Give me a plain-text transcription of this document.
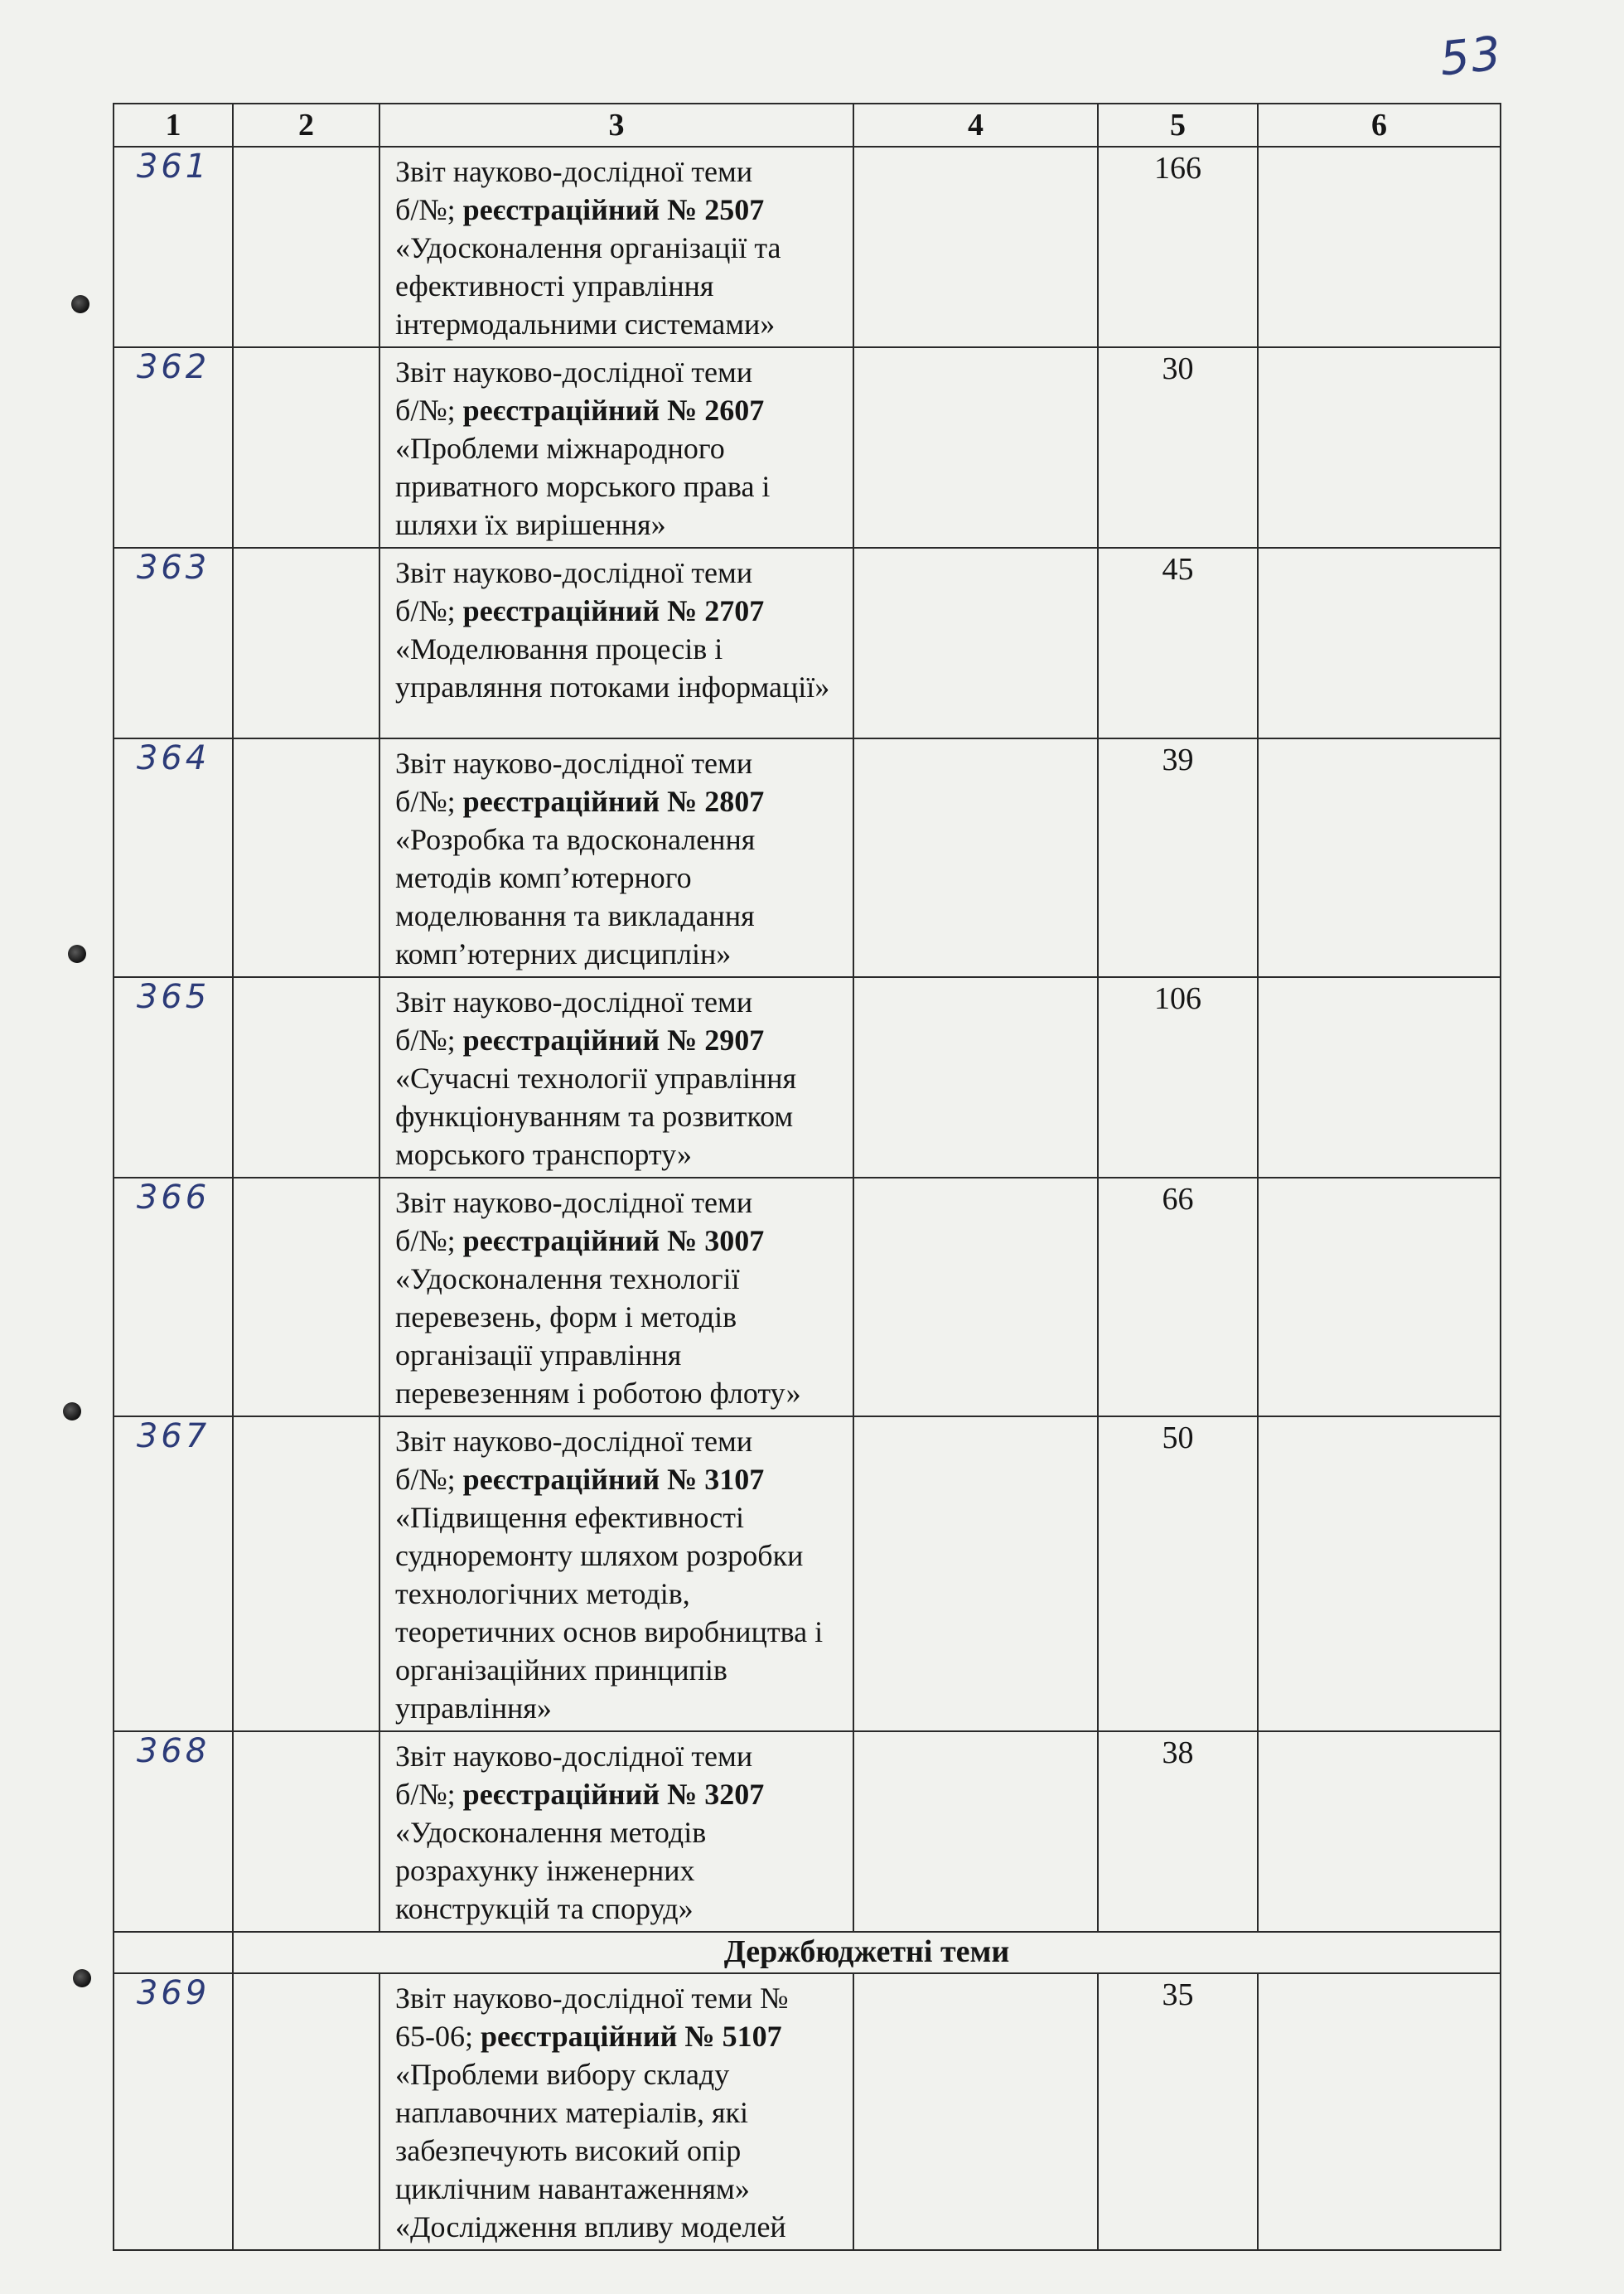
53
1	2	3	4	5	6
361		Звіт науково-дослідної теми
б/№; реєстраційний № 2507
«Удосконалення організації та ефективності управління інтермодальними системами»		166	
362		Звіт науково-дослідної теми
б/№; реєстраційний № 2607
«Проблеми міжнародного приватного морського права і шляхи їх вирішення»		30	
363		Звіт науково-дослідної теми
б/№; реєстраційний № 2707
«Моделювання процесів і управляння потоками інформації»		45	
364		Звіт науково-дослідної теми
б/№; реєстраційний № 2807
«Розробка та вдосконалення методів комп’ютерного моделювання та викладання комп’ютерних дисциплін»		39	
365		Звіт науково-дослідної теми
б/№; реєстраційний № 2907
«Сучасні технології управління функціонуванням та розвитком морського транспорту»		106	
366		Звіт науково-дослідної теми
б/№; реєстраційний № 3007
«Удосконалення технології перевезень, форм і методів організації управління перевезенням і роботою флоту»		66	
367		Звіт науково-дослідної теми
б/№; реєстраційний № 3107
«Підвищення ефективності судноремонту шляхом розробки технологічних методів, теоретичних основ виробництва і організаційних принципів управління»		50	
368		Звіт науково-дослідної теми
б/№; реєстраційний № 3207
«Удосконалення методів розрахунку інженерних конструкцій та споруд»		38	
	Держбюджетні теми				
369		Звіт науково-дослідної теми №
65-06; реєстраційний № 5107
«Проблеми вибору складу наплавочних матеріалів, які забезпечують високий опір циклічним навантаженням» «Дослідження впливу моделей		35	
